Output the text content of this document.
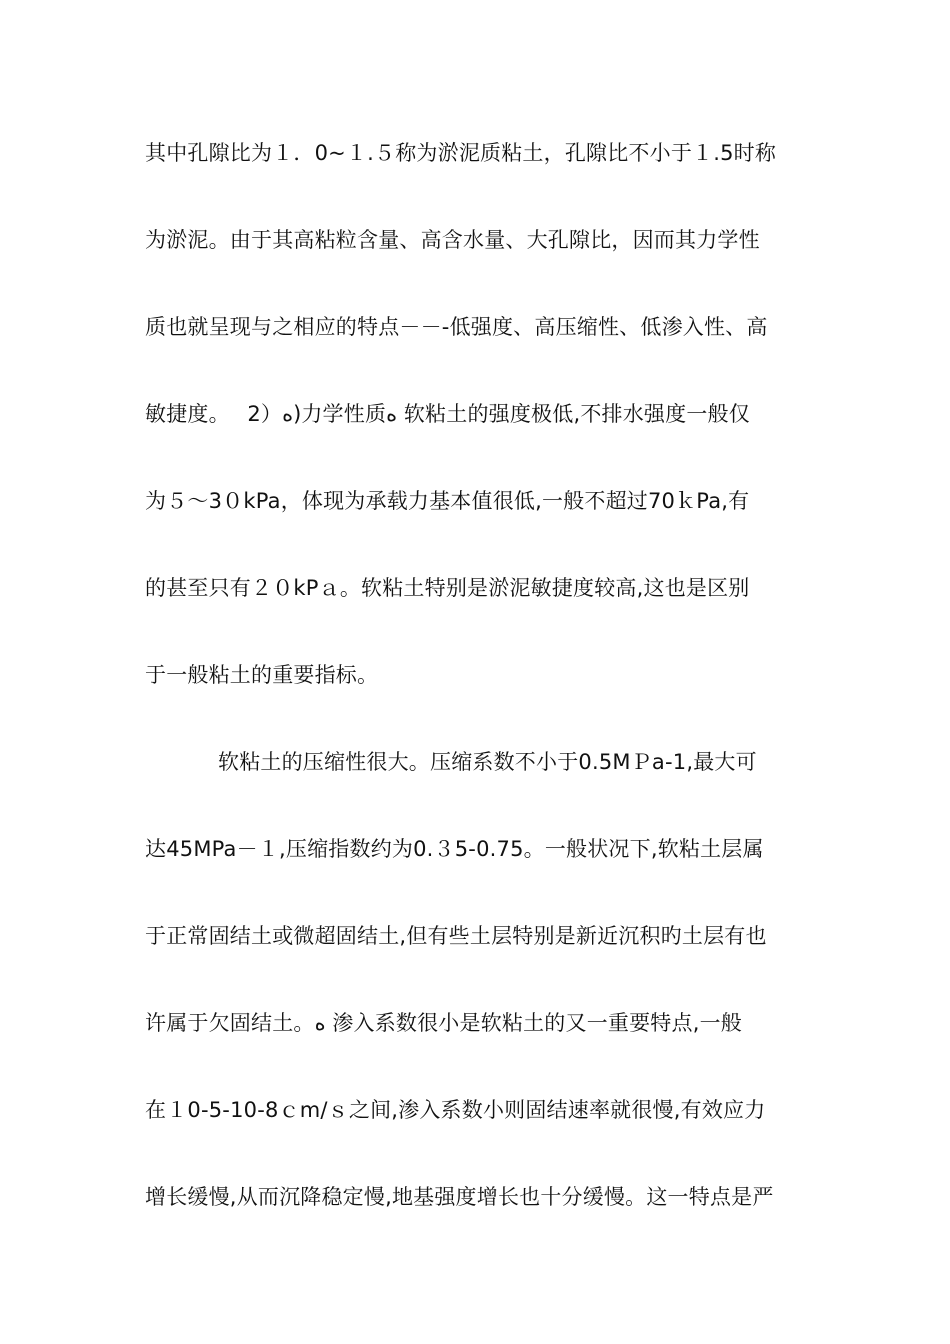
其中孔隙比为１．0~１.５称为淤泥质粘土，孔隙比不小于１.5时称
为淤泥。由于其高粘粒含量、高含水量、大孔隙比，因而其力学性
质也就呈现与之相应的特点－－-低强度、高压缩性、低渗入性、高
敏捷度。　 2）ﻩ)力学性质ﻩ 软粘土的强度极低,不排水强度一般仅
为５～3０kPa，体现为承载力基本值很低,一般不超过70ｋPa,有
的甚至只有２０kPａ。软粘土特别是淤泥敏捷度较高,这也是区别
于一般粘土的重要指标。
软粘土的压缩性很大。压缩系数不小于0.5MＰa-1,最大可
达45MPa－１,压缩指数约为0.３5-0.75。一般状况下,软粘土层属
于正常固结土或微超固结土,但有些土层特别是新近沉积旳土层有也
许属于欠固结土。ﻩ 渗入系数很小是软粘土的又一重要特点,一般
在１0-5-10-8ｃm/ｓ之间,渗入系数小则固结速率就很慢,有效应力
增长缓慢,从而沉降稳定慢,地基强度增长也十分缓慢。这一特点是严
